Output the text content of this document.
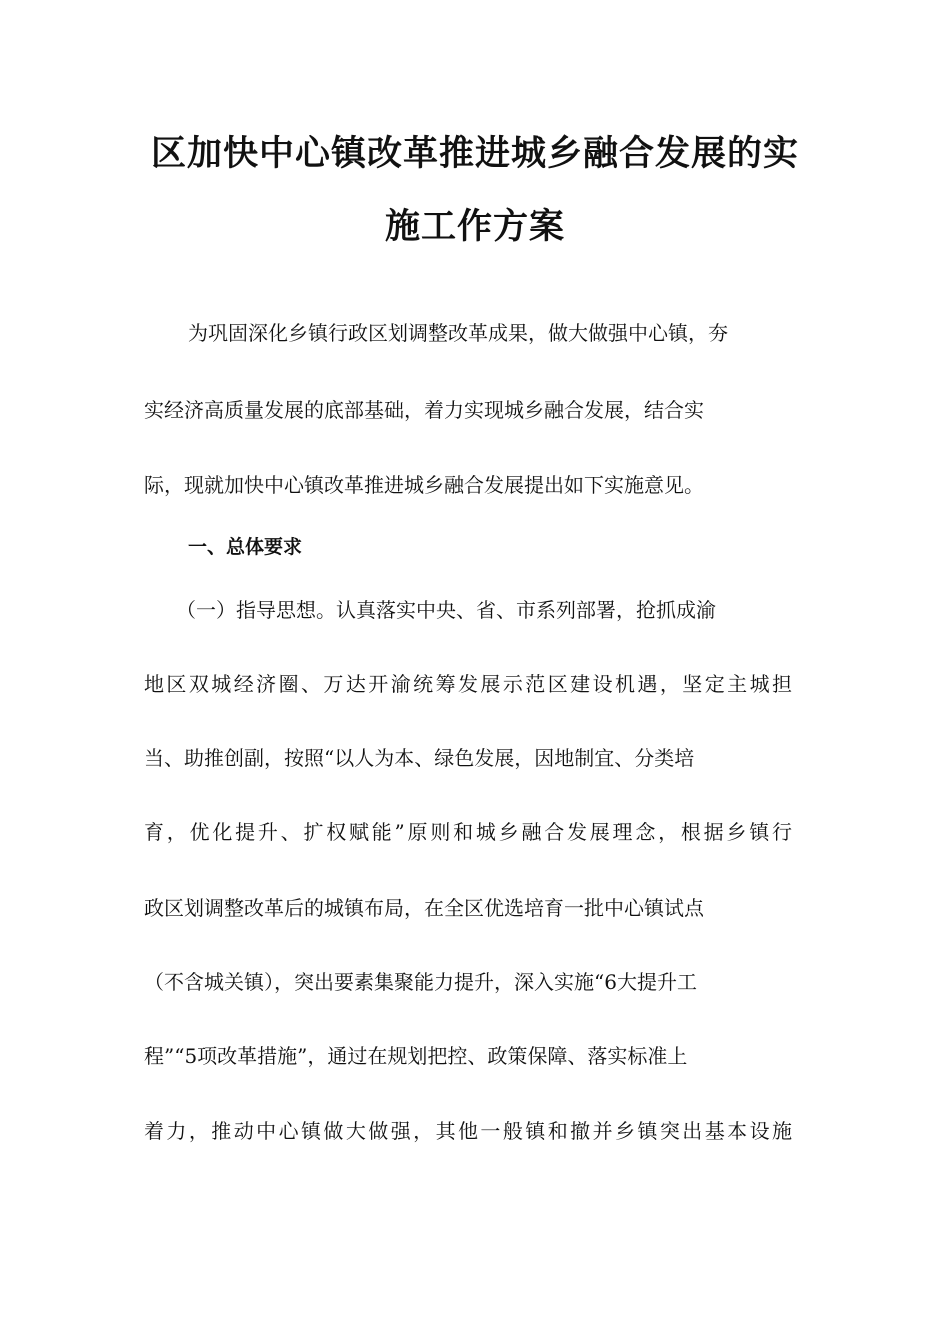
区加快中心镇改革推进城乡融合发展的实
施工作方案
为巩固深化乡镇行政区划调整改革成果，做大做强中心镇，夯
实经济高质量发展的底部基础，着力实现城乡融合发展，结合实
际，现就加快中心镇改革推进城乡融合发展提出如下实施意见。
一、总体要求
（一）指导思想。认真落实中央、省、市系列部署，抢抓成渝
地区双城经济圈、万达开渝统筹发展示范区建设机遇，坚定主城担
当、助推创副，按照“以人为本、绿色发展，因地制宜、分类培
育，优化提升、扩权赋能”原则和城乡融合发展理念，根据乡镇行
政区划调整改革后的城镇布局，在全区优选培育一批中心镇试点
（不含城关镇），突出要素集聚能力提升，深入实施“6大提升工
程”“5项改革措施”，通过在规划把控、政策保障、落实标准上
着力，推动中心镇做大做强，其他一般镇和撤并乡镇突出基本设施
